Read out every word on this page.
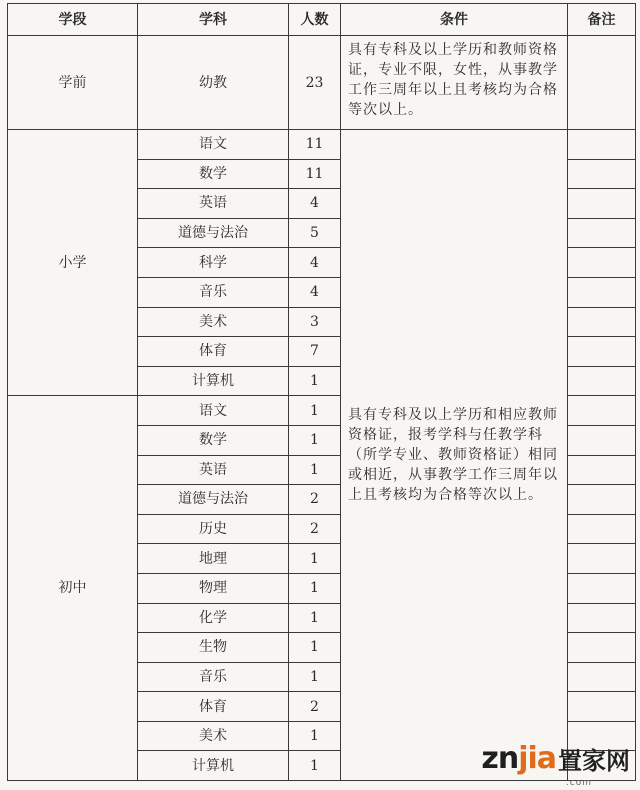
学段	学科	人数	条件	备注
学前	幼教	23	具有专科及以上学历和教师资格证，专业不限，女性，从事教学工作三周年以上且考核均为合格等次以上。	
小学	语文	11	具有专科及以上学历和相应教师资格证，报考学科与任教学科（所学专业、教师资格证）相同或相近，从事教学工作三周年以上且考核均为合格等次以上。	
	数学	11		
	英语	4		
	道德与法治	5		
	科学	4		
	音乐	4		
	美术	3		
	体育	7		
	计算机	1		
初中	语文	1		
	数学	1		
	英语	1		
	道德与法治	2		
	历史	2		
	地理	1		
	物理	1		
	化学	1		
	生物	1		
	音乐	1		
	体育	2		
	美术	1		
	计算机	1			znjia 置家网
.com
